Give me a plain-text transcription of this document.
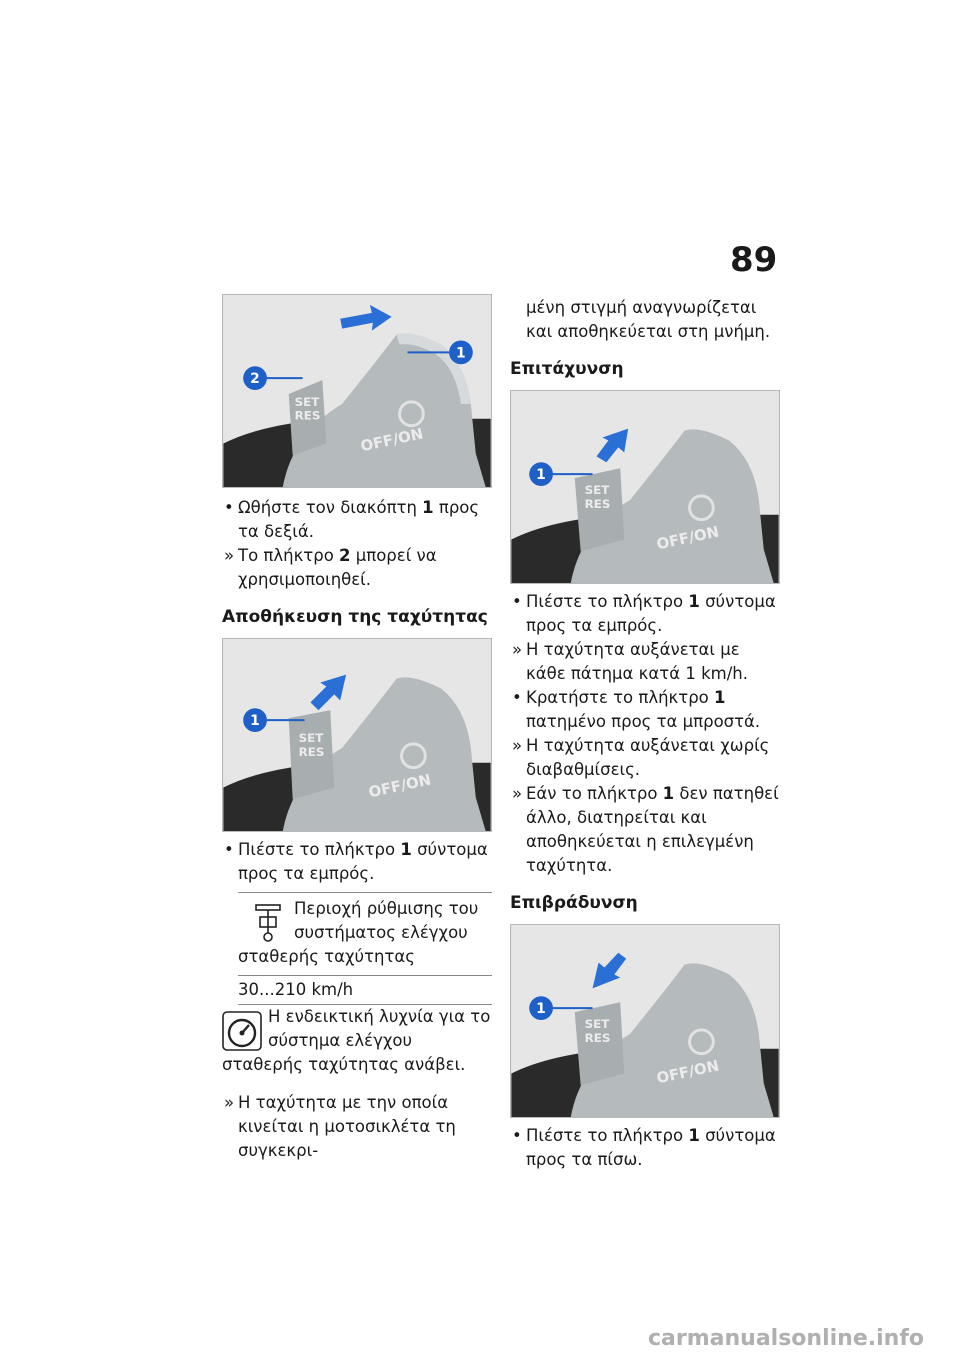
89
SET
RES
OFF/ON
1
2

• Ωθήστε τον διακόπτη 1 προς τα δεξιά.

» Το πλήκτρο 2 μπορεί να χρησιμοποιηθεί.

Αποθήκευση της ταχύτητας
SET
RES
OFF/ON
1

• Πιέστε το πλήκτρο 1 σύντομα προς τα εμπρός.

Περιοχή ρύθμισης του συστήματος ελέγχου σταθερής ταχύτητας
30...210 km/h
Η ενδεικτική λυχνία για το σύστημα ελέγχου σταθερής ταχύτητας ανάβει.

» Η ταχύτητα με την οποία κινείται η μοτοσικλέτα τη συγκεκρι-

μένη στιγμή αναγνωρίζεται και αποθηκεύεται στη μνήμη.

Επιτάχυνση
SET
RES
OFF/ON
1

• Πιέστε το πλήκτρο 1 σύντομα προς τα εμπρός.

» Η ταχύτητα αυξάνεται με κάθε πάτημα κατά 1 km/h.

• Κρατήστε το πλήκτρο 1 πατημένο προς τα μπροστά.

» Η ταχύτητα αυξάνεται χωρίς διαβαθμίσεις.

» Εάν το πλήκτρο 1 δεν πατηθεί άλλο, διατηρείται και αποθηκεύεται η επιλεγμένη ταχύτητα.

Επιβράδυνση
SET
RES
OFF/ON
1

• Πιέστε το πλήκτρο 1 σύντομα προς τα πίσω.

carmanualsonline.info
